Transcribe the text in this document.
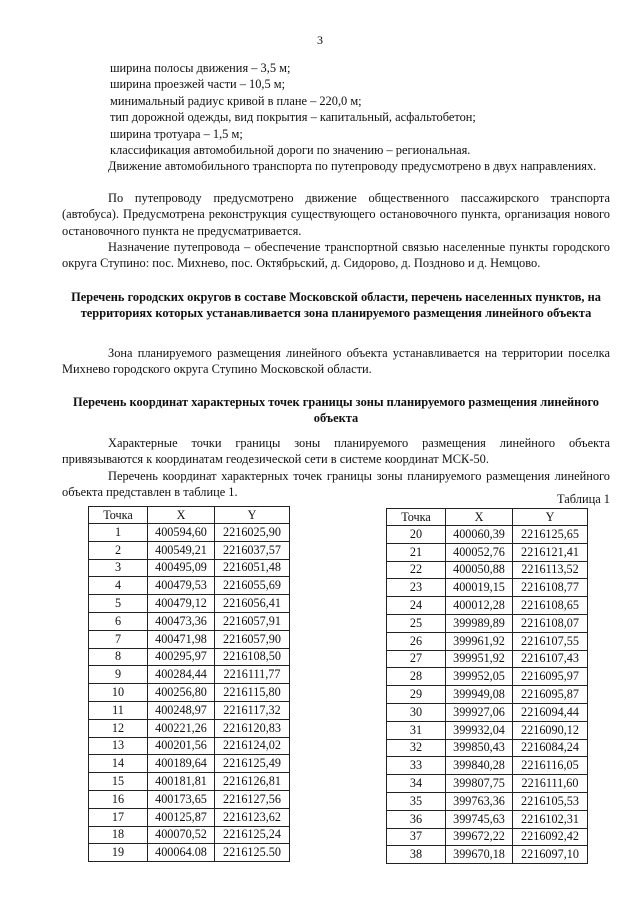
3
ширина полосы движения – 3,5 м;
ширина проезжей части – 10,5 м;
минимальный радиус кривой в плане – 220,0 м;
тип дорожной одежды, вид покрытия – капитальный, асфальтобетон;
ширина тротуара – 1,5 м;
классификация автомобильной дороги по значению – региональная.
Движение автомобильного транспорта по путепроводу предусмотрено в двух направлениях.
По путепроводу предусмотрено движение общественного пассажирского транспорта (автобуса). Предусмотрена реконструкция существующего остановочного пункта, организация нового остановочного пункта не предусматривается.
Назначение путепровода – обеспечение транспортной связью населенные пункты городского округа Ступино: пос. Михнево, пос. Октябрьский, д. Сидорово, д. Поздново и д. Немцово.
Перечень городских округов в составе Московской области, перечень населенных пунктов, на территориях которых устанавливается зона планируемого размещения линейного объекта
Зона планируемого размещения линейного объекта устанавливается на территории поселка Михнево городского округа Ступино Московской области.
Перечень координат характерных точек границы зоны планируемого размещения линейного объекта
Характерные точки границы зоны планируемого размещения линейного объекта привязываются к координатам геодезической сети в системе координат МСК-50.
Перечень координат характерных точек границы зоны планируемого размещения линейного объекта представлен в таблице 1.	Таблица 1
Точка	X	Y
1	400594,60	2216025,90
2	400549,21	2216037,57
3	400495,09	2216051,48
4	400479,53	2216055,69
5	400479,12	2216056,41
6	400473,36	2216057,91
7	400471,98	2216057,90
8	400295,97	2216108,50
9	400284,44	2216111,77
10	400256,80	2216115,80
11	400248,97	2216117,32
12	400221,26	2216120,83
13	400201,56	2216124,02
14	400189,64	2216125,49
15	400181,81	2216126,81
16	400173,65	2216127,56
17	400125,87	2216123,62
18	400070,52	2216125,24
19	400064.08	2216125.50
Точка	X	Y
20	400060,39	2216125,65
21	400052,76	2216121,41
22	400050,88	2216113,52
23	400019,15	2216108,77
24	400012,28	2216108,65
25	399989,89	2216108,07
26	399961,92	2216107,55
27	399951,92	2216107,43
28	399952,05	2216095,97
29	399949,08	2216095,87
30	399927,06	2216094,44
31	399932,04	2216090,12
32	399850,43	2216084,24
33	399840,28	2216116,05
34	399807,75	2216111,60
35	399763,36	2216105,53
36	399745,63	2216102,31
37	399672,22	2216092,42
38	399670,18	2216097,10
